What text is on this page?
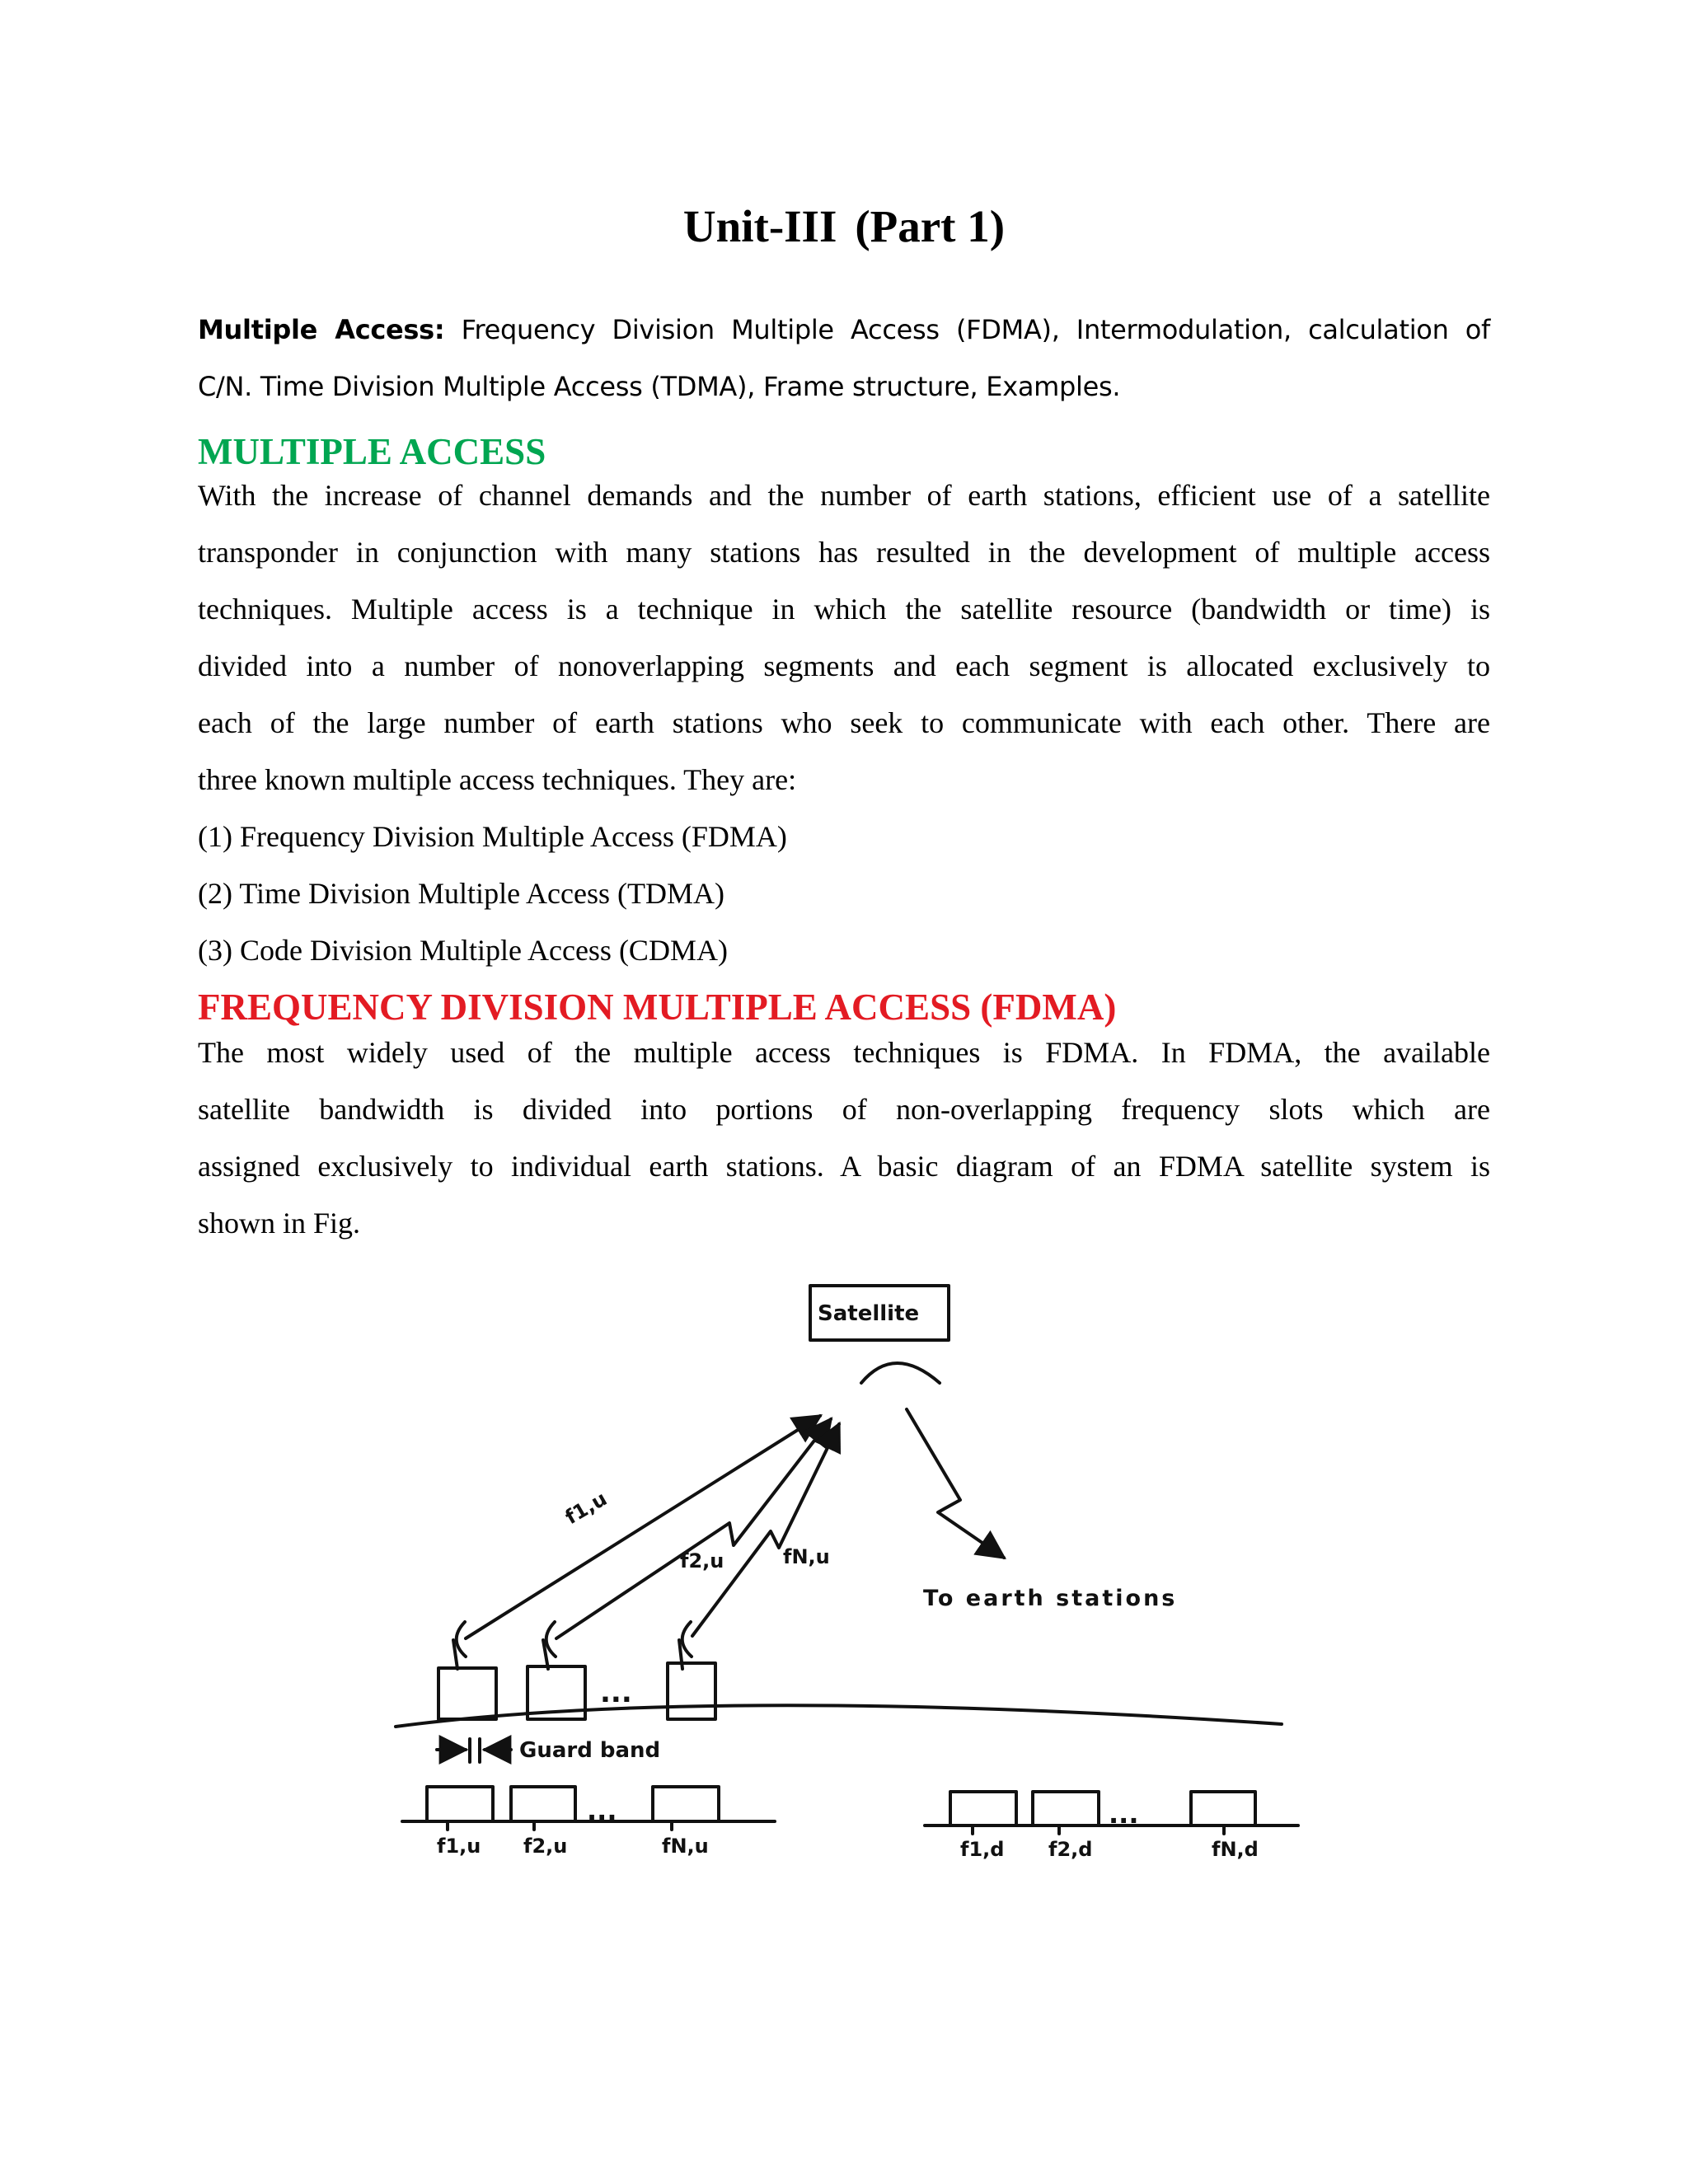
Unit-III (Part 1)
Multiple Access: Frequency Division Multiple Access (FDMA), Intermodulation, calculation of
C/N. Time Division Multiple Access (TDMA), Frame structure, Examples.
MULTIPLE ACCESS
With the increase of channel demands and the number of earth stations, efficient use of a satellite
transponder in conjunction with many stations has resulted in the development of multiple access
techniques. Multiple access is a technique in which the satellite resource (bandwidth or time) is
divided into a number of nonoverlapping segments and each segment is allocated exclusively to
each of the large number of earth stations who seek to communicate with each other. There are
three known multiple access techniques. They are:
(1) Frequency Division Multiple Access (FDMA)
(2) Time Division Multiple Access (TDMA)
(3) Code Division Multiple Access (CDMA)
FREQUENCY DIVISION MULTIPLE ACCESS (FDMA)
The most widely used of the multiple access techniques is FDMA. In FDMA, the available
satellite bandwidth is divided into portions of non-overlapping frequency slots which are
assigned exclusively to individual earth stations. A basic diagram of an FDMA satellite system is
shown in Fig.
Satellite
f1,u
f2,u	fN,u
To earth stations
...
Guard band
...	...
f1,u f2,u	fN,u	f1,d f2,d	fN,d
